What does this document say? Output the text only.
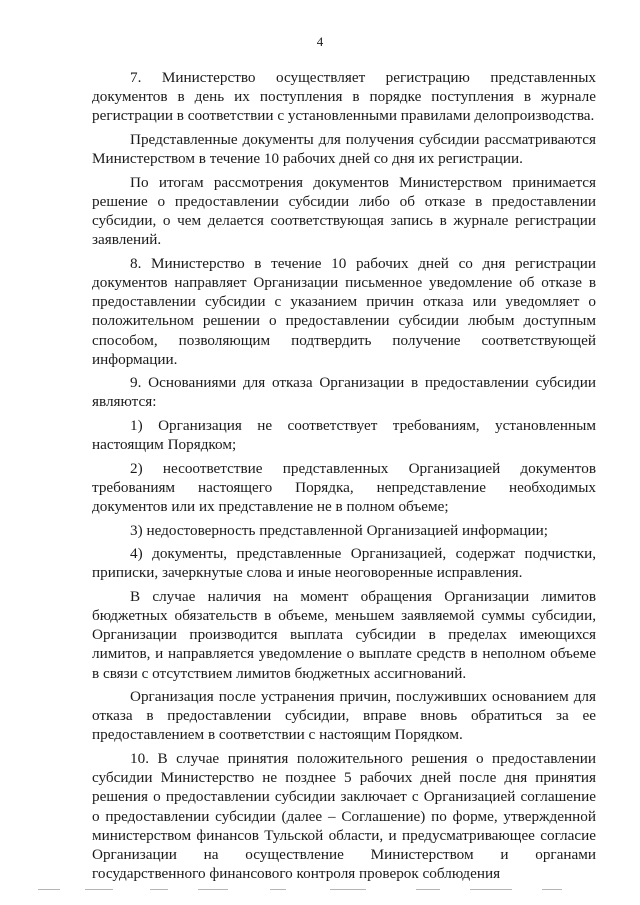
4

7. Министерство осуществляет регистрацию представленных документов в день их поступления в порядке поступления в журнале регистрации в соответствии с установленными правилами делопроизводства.

Представленные документы для получения субсидии рассматриваются Министерством в течение 10 рабочих дней со дня их регистрации.

По итогам рассмотрения документов Министерством принимается решение о предоставлении субсидии либо об отказе в предоставлении субсидии, о чем делается соответствующая запись в журнале регистрации заявлений.

8. Министерство в течение 10 рабочих дней со дня регистрации документов направляет Организации письменное уведомление об отказе в предоставлении субсидии с указанием причин отказа или уведомляет о положительном решении о предоставлении субсидии любым доступным способом, позволяющим подтвердить получение соответствующей информации.

9. Основаниями для отказа Организации в предоставлении субсидии являются:

1) Организация не соответствует требованиям, установленным настоящим Порядком;

2) несоответствие представленных Организацией документов требованиям настоящего Порядка, непредставление необходимых документов или их представление не в полном объеме;

3) недостоверность представленной Организацией информации;

4) документы, представленные Организацией, содержат подчистки, приписки, зачеркнутые слова и иные неоговоренные исправления.

В случае наличия на момент обращения Организации лимитов бюджетных обязательств в объеме, меньшем заявляемой суммы субсидии, Организации производится выплата субсидии в пределах имеющихся лимитов, и направляется уведомление о выплате средств в неполном объеме в связи с отсутствием лимитов бюджетных ассигнований.

Организация после устранения причин, послуживших основанием для отказа в предоставлении субсидии, вправе вновь обратиться за ее предоставлением в соответствии с настоящим Порядком.

10. В случае принятия положительного решения о предоставлении субсидии Министерство не позднее 5 рабочих дней после дня принятия решения о предоставлении субсидии заключает с Организацией соглашение о предоставлении субсидии (далее – Соглашение) по форме, утвержденной министерством финансов Тульской области, и предусматривающее согласие Организации на осуществление Министерством и органами государственного финансового контроля проверок соблюдения
